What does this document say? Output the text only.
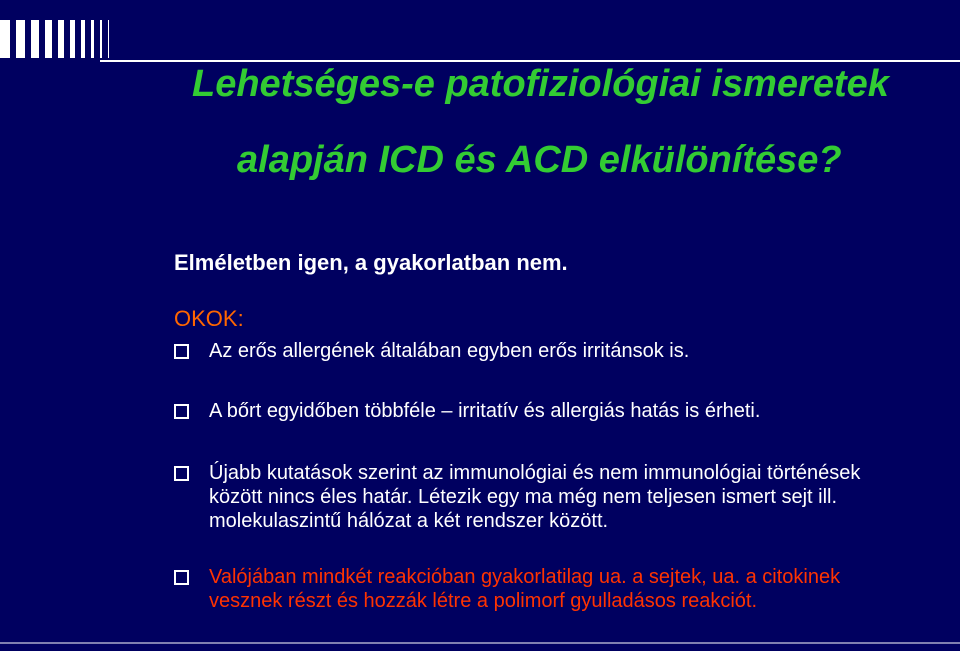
Lehetséges-e patofiziológiai ismeretek
alapján ICD és ACD elkülönítése?

Elméletben igen, a gyakorlatban nem.

OKOK:

Az erős allergének általában egyben erős irritánsok is.

A bőrt egyidőben többféle – irritatív és allergiás hatás is érheti.

Újabb kutatások szerint az immunológiai és nem immunológiai történések között nincs éles határ. Létezik egy ma még nem teljesen ismert sejt ill. molekulaszintű hálózat a két rendszer között.

Valójában mindkét reakcióban gyakorlatilag ua. a sejtek, ua. a citokinek vesznek részt és hozzák létre a polimorf gyulladásos reakciót.
